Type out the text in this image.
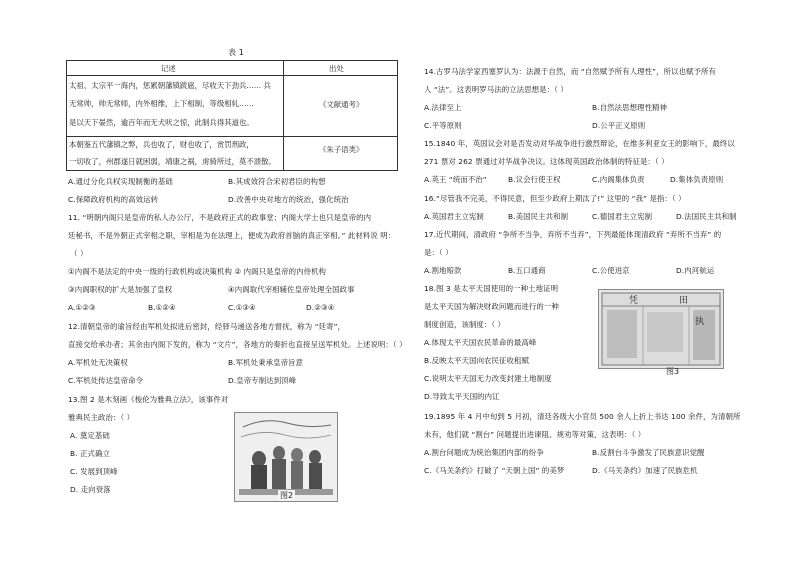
表 1
记述	出处
太祖、太宗平一海内，惩累朝藩镇跋扈，尽收天下劲兵…… 兵
无常帅，帅无常师，内外相维，上下相制，等级相轧……
是以天下晏然，逾百年而无犬吠之惊，此制兵得其道也。
《文献通考》
本朝鉴五代藩镇之弊，兵也收了，财也收了，赏罚刑政，
一切收了，州郡遂日就困弱，靖康之祸，虏骑所过，莫不溃散。
《朱子语类》
A.通过分化兵权实现制衡的基础	B.其成效符合宋初君臣的构想
C.保障政府机构的高效运转	D.改善中央对地方的统治，强化统治
11. “明朝内阁只是皇帝的私人办公厅，不是政府正式的政事堂；内阁大学士也只是皇帝的内
廷秘书，不是外朝正式宰相之职，宰相是为在法理上，便成为政府首脑的真正宰相。” 此材料说 明：
（ ）
①内阁不是法定的中央一级的行政机构或决策机构 ② 内阁只是皇帝的内侍机构
③内阁职权的扩大是加强了皇权	④内阁取代宰相辅佐皇帝处理全国政事
A.①②③	B.①②④	C.①③④	D.②③④
12.清朝皇帝的谕旨经由军机处拟进后密封，经驿马递送各地方督抚，称为 “廷寄”，
直接交给承办者；其余由内阁下发的，称为 “文片”，各地方的奏折也直接呈送军机处。上述说明：（ ）
A.军机处无决策权	B.军机处秉承皇帝旨意
C.军机处传达皇帝命令	D.皇帝专制达到顶峰
13.图 2 是木刻画《梭伦为雅典立法》，该事件对
雅典民主政治：（ ）
A. 奠定基础
B. 正式确立
C. 发展到顶峰
D. 走向衰落
图2
14.古罗马法学家西塞罗认为：法源于自然，而 “自然赋予所有人理性”，所以也赋予所有
人 “法”。这表明罗马法的立法思想是：（ ）
A.法律至上	B.自然法思想理性精神
C.平等原则	D.公平正义原则
15.1840 年，英国议会对是否发动对华战争进行激烈辩论，在维多利亚女王的影响下，最终以
271 票对 262 票通过对华战争决议。这体现英国政治体制的特征是：（ ）
A.英王 “统而不治”	B.议会行使王权	C.内阁集体负责	D.集体负责原则
16.“尽管我不完美，不得民意，但至少政府上期汰了!” 这里的 “我” 是指：（ ）
A.英国君主立宪制	B.美国民主共和制	C.德国君主立宪制	D.法国民主共和制
17.近代期间，清政府 “争所不当争，弃所不当弃”，下列最能体现清政府 “弃所不当弃” 的
是：（ ）
A.割地赔款	B.五口通商	C.公使进京	D.内河航运
18.图 3 是太平天国使用的一种土地证明
是太平天国为解决财政问题而进行的一种
制度创造，该制度：（ ）
A.体现太平天国农民革命的最高峰
B.反映太平天国向农民征收租赋
C.说明太平天国无力改变封建土地制度
D.导致太平天国的内讧
田
凭
执
图3
19.1895 年 4 月中旬到 5 月初，清廷各级大小官员 500 余人上折上书达 100 余件，为清朝所
未有，他们就 “割台” 问题提出进谏阻、规劝等对策，这表明：（ ）
A.割台问题成为统治集团内部的纷争	B.反割台斗争激发了民族意识觉醒
C.《马关条约》打破了 “天朝上国” 的美梦	D.《马关条约》加速了民族危机
